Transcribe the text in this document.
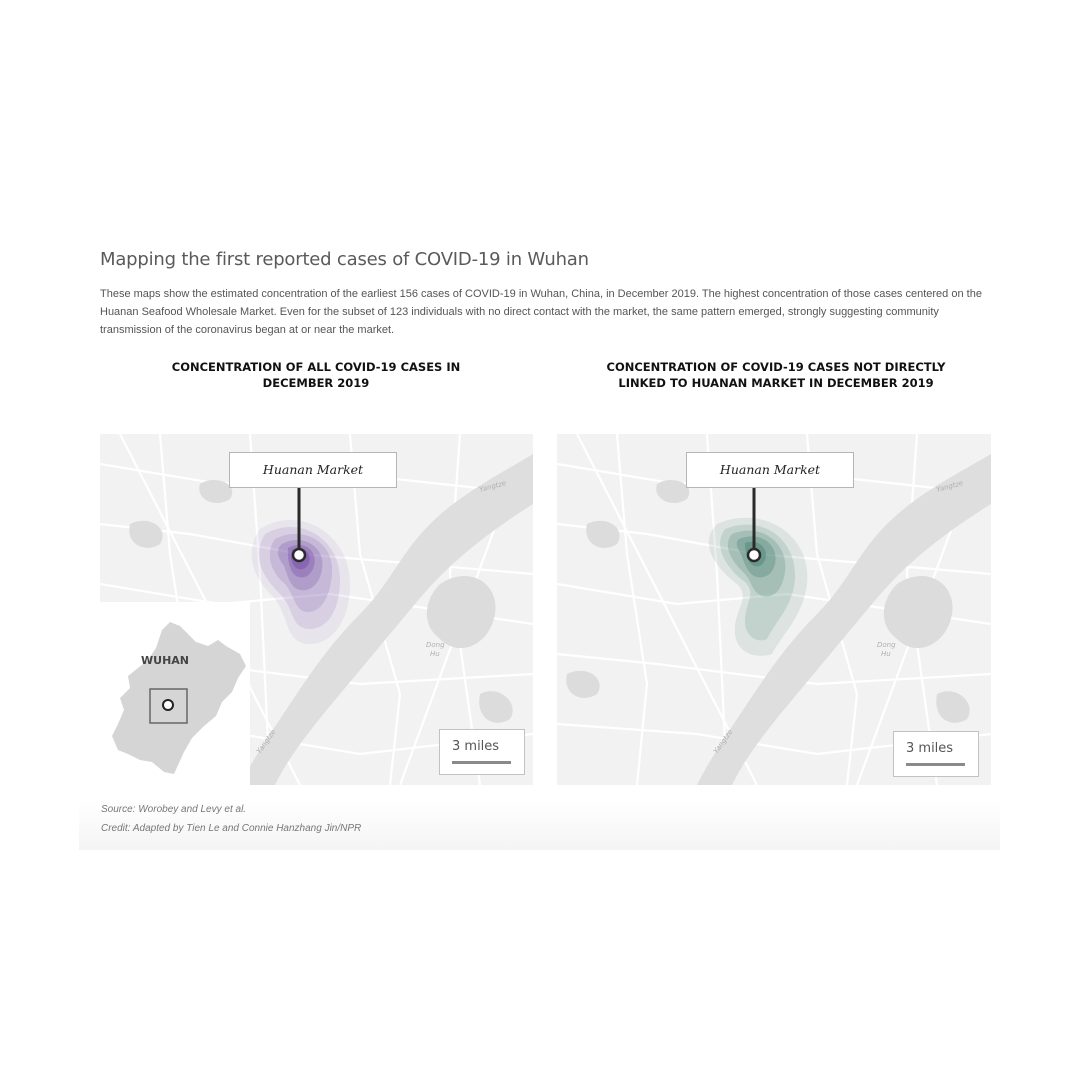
Mapping the first reported cases of COVID-19 in Wuhan
These maps show the estimated concentration of the earliest 156 cases of COVID-19 in Wuhan, China, in December 2019. The highest concentration of those cases centered on the Huanan Seafood Wholesale Market. Even for the subset of 123 individuals with no direct contact with the market, the same pattern emerged, strongly suggesting community transmission of the coronavirus began at or near the market.
CONCENTRATION OF ALL COVID-19 CASES IN DECEMBER 2019
CONCENTRATION OF COVID-19 CASES NOT DIRECTLY LINKED TO HUANAN MARKET IN DECEMBER 2019
Dong
Hu
Yangtze
Yangtze
Huanan Market
WUHAN
3 miles
Dong
Hu
Yangtze
Yangtze
Huanan Market
3 miles
Source: Worobey and Levy et al.
Credit: Adapted by Tien Le and Connie Hanzhang Jin/NPR
